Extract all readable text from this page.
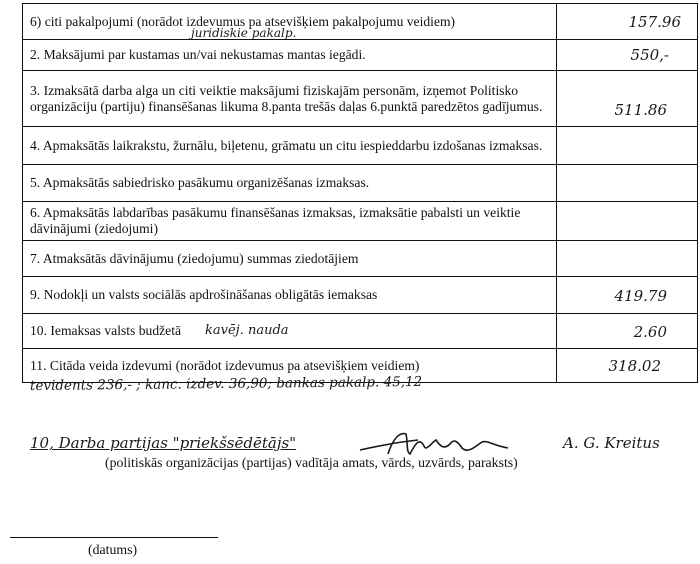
6) citi pakalpojumi (norādot izdevumus pa atsevišķiem pakalpojumu veidiem)
juridiskie pakalp.	157.96

2. Maksājumi par kustamas un/vai nekustamas mantas iegādi.	550,-

3. Izmaksātā darba alga un citi veiktie maksājumi fiziskajām personām, izņemot Politisko organizāciju (partiju) finansēšanas likuma 8.panta trešās daļas 6.punktā paredzētos gadījumus.	511.86

4. Apmaksātās laikrakstu, žurnālu, biļetenu, grāmatu un citu iespieddarbu izdošanas izmaksas.	
5. Apmaksātās sabiedrisko pasākumu organizēšanas izmaksas.	
6. Apmaksātās labdarības pasākumu finansēšanas izmaksas, izmaksātie pabalsti un veiktie dāvinājumi (ziedojumi)	
7. Atmaksātās dāvinājumu (ziedojumu) summas ziedotājiem	
9. Nodokļi un valsts sociālās apdrošināšanas obligātās iemaksas	419.79

10. Iemaksas valsts budžetā kavēj. nauda	2.60

11. Citāda veida izdevumi (norādot izdevumus pa atsevišķiem veidiem)	318.02
tevidents 236,- ; kanc. izdev. 36,90; bankas pakalp. 45,12
10, Darba partijas "priekšsēdētājs"	A. G. Kreitus
(politiskās organizācijas (partijas) vadītāja amats, vārds, uzvārds, paraksts)
(datums)
